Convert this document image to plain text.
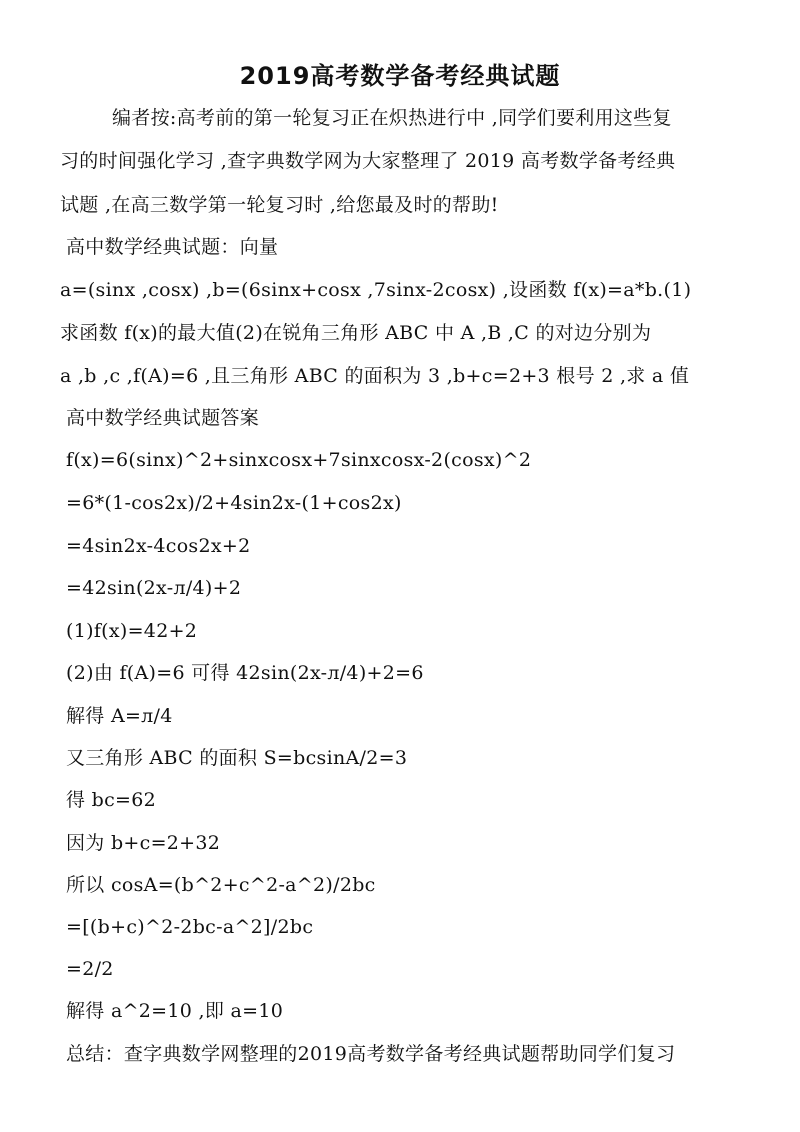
2019高考数学备考经典试题
编者按:高考前的第一轮复习正在炽热进行中 ,同学们要利用这些复
习的时间强化学习 ,查字典数学网为大家整理了 2019 高考数学备考经典
试题 ,在高三数学第一轮复习时 ,给您最及时的帮助!
高中数学经典试题：向量
a=(sinx ,cosx) ,b=(6sinx+cosx ,7sinx-2cosx) ,设函数 f(x)=a*b.(1)
求函数 f(x)的最大值(2)在锐角三角形 ABC 中 A ,B ,C 的对边分别为
a ,b ,c ,f(A)=6 ,且三角形 ABC 的面积为 3 ,b+c=2+3 根号 2 ,求 a 值
高中数学经典试题答案
f(x)=6(sinx)^2+sinxcosx+7sinxcosx-2(cosx)^2
=6*(1-cos2x)/2+4sin2x-(1+cos2x)
=4sin2x-4cos2x+2
=42sin(2x-л/4)+2
(1)f(x)=42+2
(2)由 f(A)=6 可得 42sin(2x-л/4)+2=6
解得 A=л/4
又三角形 ABC 的面积 S=bcsinA/2=3
得 bc=62
因为 b+c=2+32
所以 cosA=(b^2+c^2-a^2)/2bc
=[(b+c)^2-2bc-a^2]/2bc
=2/2
解得 a^2=10 ,即 a=10
总结：查字典数学网整理的2019高考数学备考经典试题帮助同学们复习
